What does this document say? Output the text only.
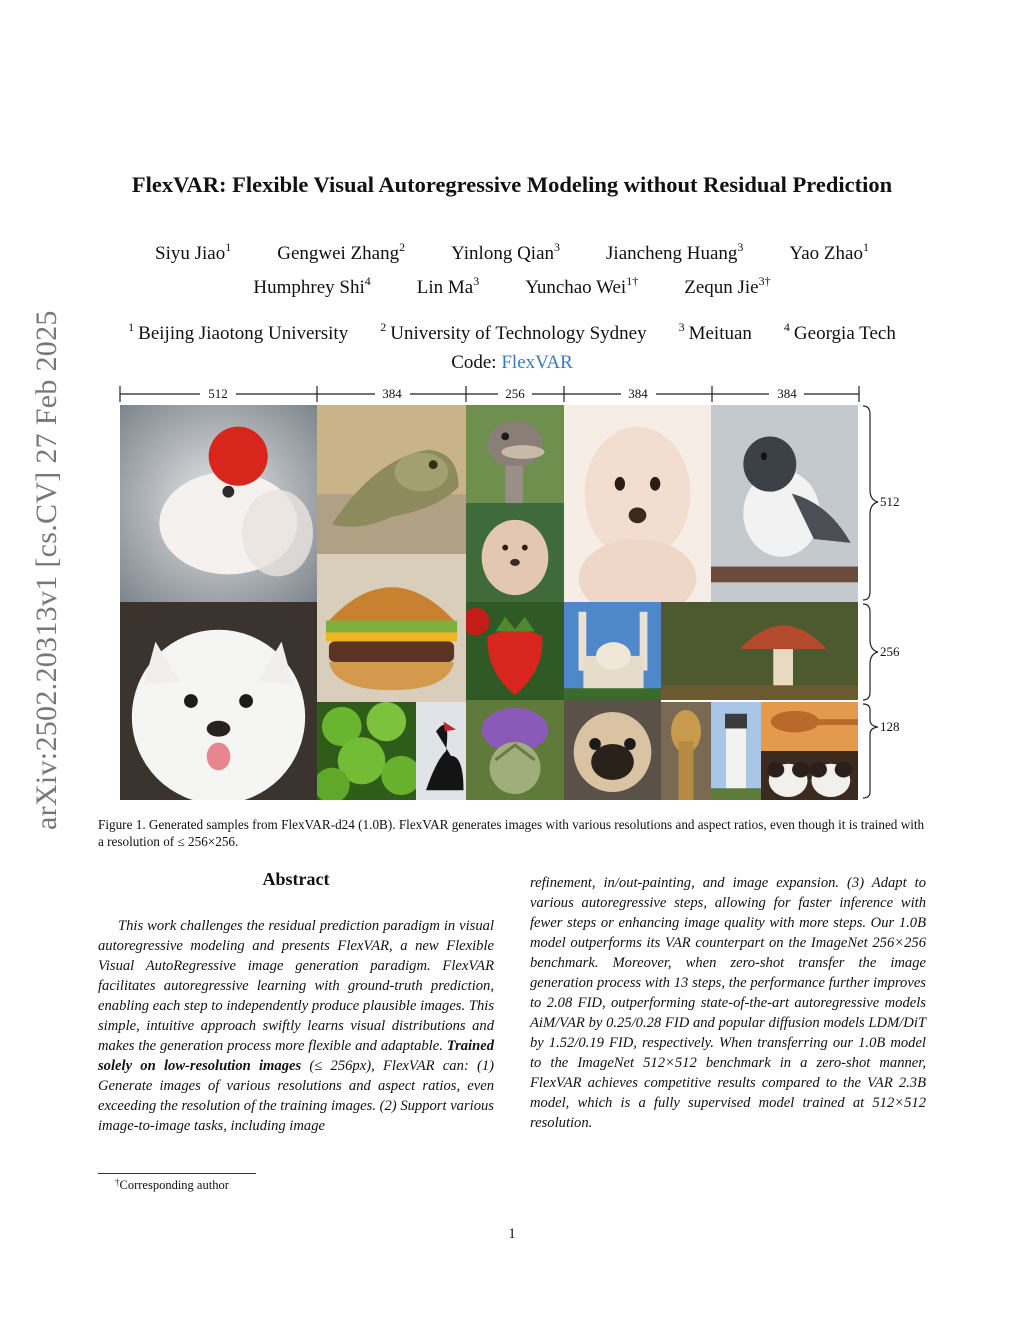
arXiv:2502.20313v1 [cs.CV] 27 Feb 2025
FlexVAR: Flexible Visual Autoregressive Modeling without Residual Prediction
Siyu Jiao$^1$ Gengwei Zhang$^2$ Yinlong Qian$^3$ Jiancheng Huang$^3$ Yao Zhao$^1$
Humphrey Shi$^4$ Lin Ma$^3$ Yunchao Wei$^{1\dagger}$ Zequn Jie$^{3\dagger}$
$^1$ Beijing Jiaotong University	$^2$ University of Technology Sydney	$^3$ Meituan	$^4$ Georgia Tech
Code: FlexVAR
512	384	256	384	384
512
256
128
Figure 1. Generated samples from FlexVAR-d24 (1.0B). FlexVAR generates images with various resolutions and aspect ratios, even though it is trained with a resolution of ≤ 256×256.
Abstract
This work challenges the residual prediction paradigm in visual autoregressive modeling and presents FlexVAR, a new Flexible Visual AutoRegressive image generation paradigm. FlexVAR facilitates autoregressive learning with ground-truth prediction, enabling each step to independently produce plausible images. This simple, intuitive approach swiftly learns visual distributions and makes the generation process more flexible and adaptable. Trained solely on low-resolution images (≤ 256px), FlexVAR can: (1) Generate images of various resolutions and aspect ratios, even exceeding the resolution of the training images. (2) Support various image-to-image tasks, including image
refinement, in/out-painting, and image expansion. (3) Adapt to various autoregressive steps, allowing for faster inference with fewer steps or enhancing image quality with more steps. Our 1.0B model outperforms its VAR counterpart on the ImageNet 256×256 benchmark. Moreover, when zero-shot transfer the image generation process with 13 steps, the performance further improves to 2.08 FID, outperforming state-of-the-art autoregressive models AiM/VAR by 0.25/0.28 FID and popular diffusion models LDM/DiT by 1.52/0.19 FID, respectively. When transferring our 1.0B model to the ImageNet 512×512 benchmark in a zero-shot manner, FlexVAR achieves competitive results compared to the VAR 2.3B model, which is a fully supervised model trained at 512×512 resolution.
†Corresponding author
1
